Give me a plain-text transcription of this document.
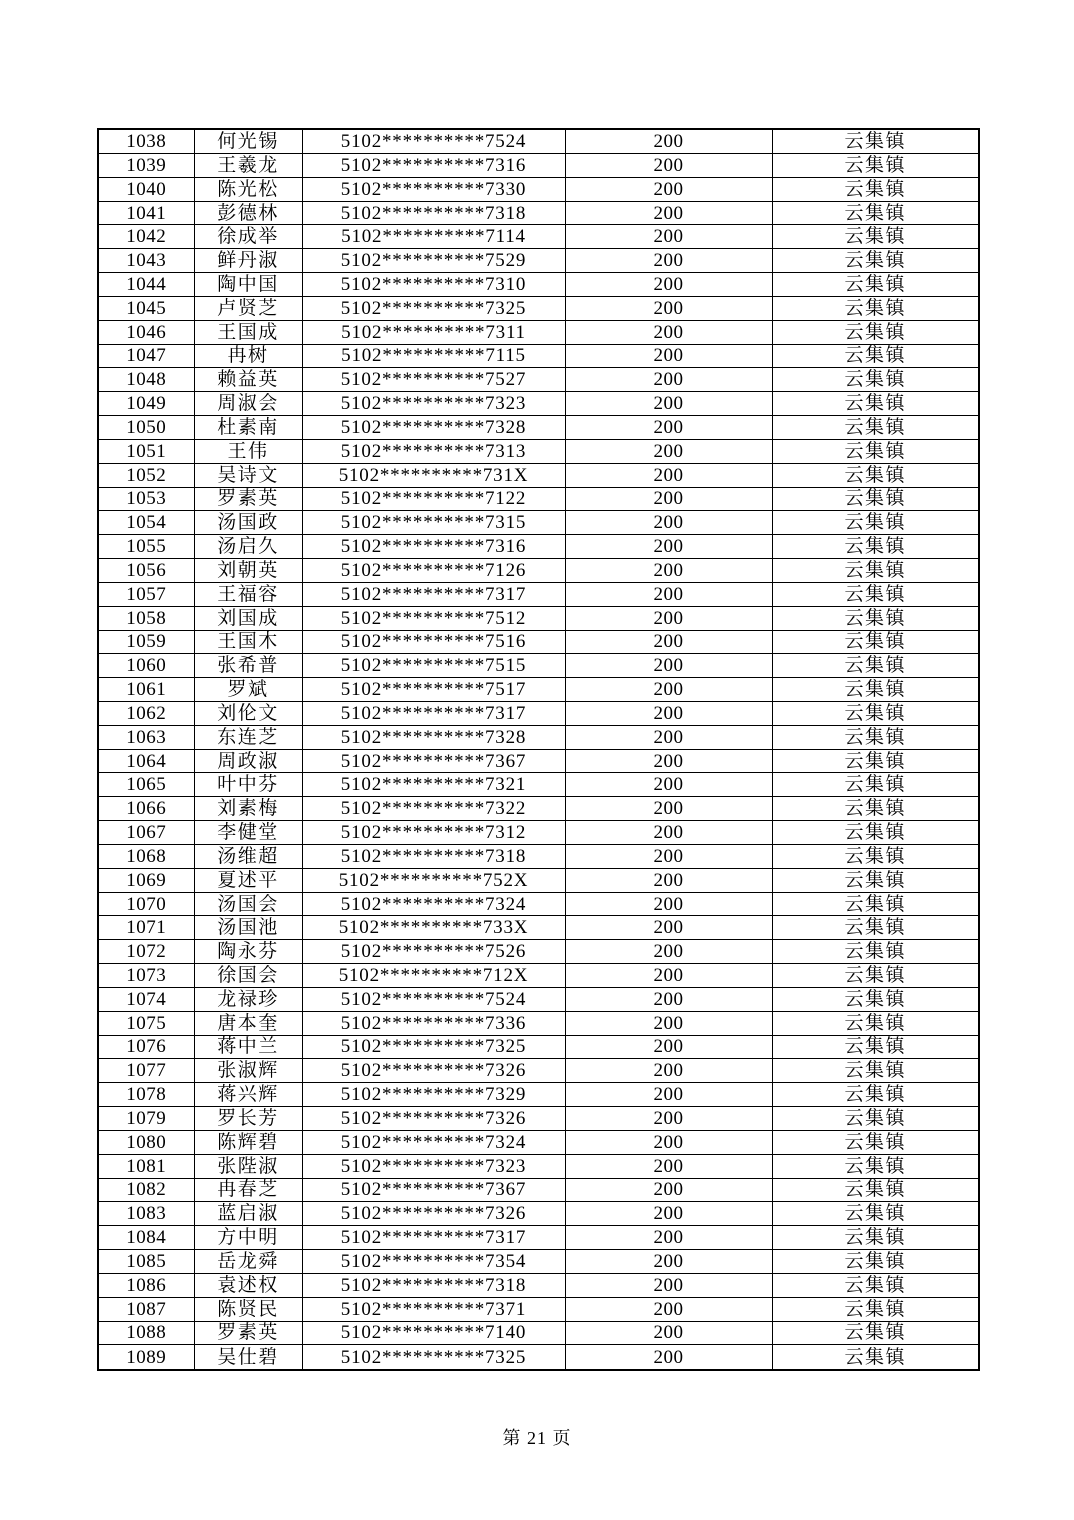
1038	何光锡	5102**********7524	200	云集镇
1039	王羲龙	5102**********7316	200	云集镇
1040	陈光松	5102**********7330	200	云集镇
1041	彭德林	5102**********7318	200	云集镇
1042	徐成举	5102**********7114	200	云集镇
1043	鲜丹淑	5102**********7529	200	云集镇
1044	陶中国	5102**********7310	200	云集镇
1045	卢贤芝	5102**********7325	200	云集镇
1046	王国成	5102**********7311	200	云集镇
1047	冉树	5102**********7115	200	云集镇
1048	赖益英	5102**********7527	200	云集镇
1049	周淑会	5102**********7323	200	云集镇
1050	杜素南	5102**********7328	200	云集镇
1051	王伟	5102**********7313	200	云集镇
1052	吴诗文	5102**********731X	200	云集镇
1053	罗素英	5102**********7122	200	云集镇
1054	汤国政	5102**********7315	200	云集镇
1055	汤启久	5102**********7316	200	云集镇
1056	刘朝英	5102**********7126	200	云集镇
1057	王福容	5102**********7317	200	云集镇
1058	刘国成	5102**********7512	200	云集镇
1059	王国木	5102**********7516	200	云集镇
1060	张希普	5102**********7515	200	云集镇
1061	罗斌	5102**********7517	200	云集镇
1062	刘伦文	5102**********7317	200	云集镇
1063	东连芝	5102**********7328	200	云集镇
1064	周政淑	5102**********7367	200	云集镇
1065	叶中芬	5102**********7321	200	云集镇
1066	刘素梅	5102**********7322	200	云集镇
1067	李健堂	5102**********7312	200	云集镇
1068	汤维超	5102**********7318	200	云集镇
1069	夏述平	5102**********752X	200	云集镇
1070	汤国会	5102**********7324	200	云集镇
1071	汤国池	5102**********733X	200	云集镇
1072	陶永芬	5102**********7526	200	云集镇
1073	徐国会	5102**********712X	200	云集镇
1074	龙禄珍	5102**********7524	200	云集镇
1075	唐本奎	5102**********7336	200	云集镇
1076	蒋中兰	5102**********7325	200	云集镇
1077	张淑辉	5102**********7326	200	云集镇
1078	蒋兴辉	5102**********7329	200	云集镇
1079	罗长芳	5102**********7326	200	云集镇
1080	陈辉碧	5102**********7324	200	云集镇
1081	张陛淑	5102**********7323	200	云集镇
1082	冉春芝	5102**********7367	200	云集镇
1083	蓝启淑	5102**********7326	200	云集镇
1084	方中明	5102**********7317	200	云集镇
1085	岳龙舜	5102**********7354	200	云集镇
1086	袁述权	5102**********7318	200	云集镇
1087	陈贤民	5102**********7371	200	云集镇
1088	罗素英	5102**********7140	200	云集镇
1089	吴仕碧	5102**********7325	200	云集镇
第 21 页
